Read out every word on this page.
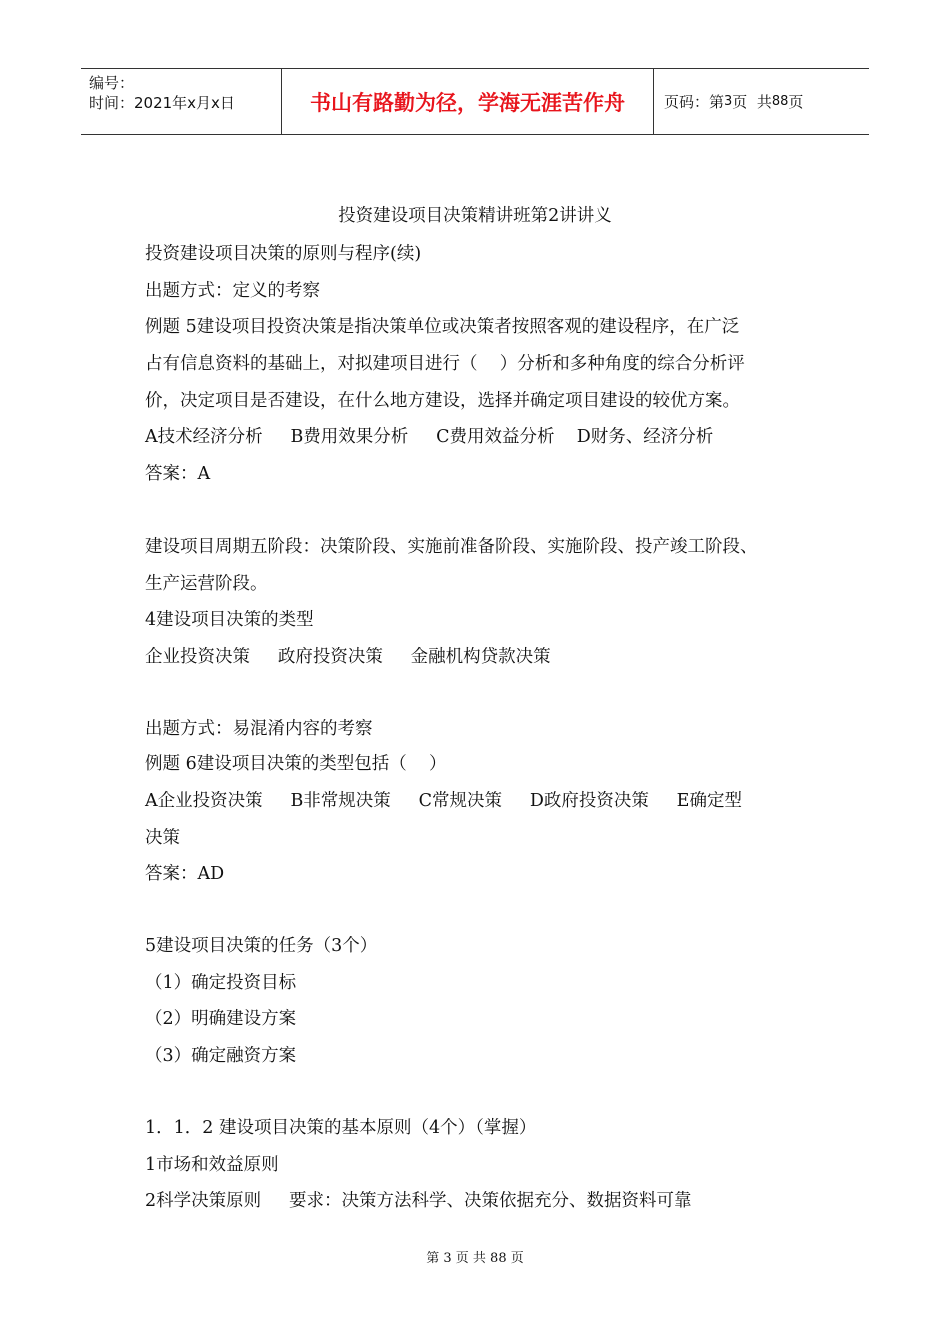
编号：
时间：2021年x月x日	书山有路勤为径，学海无涯苦作舟	页码：第 3 页  共 88 页
投资建设项目决策精讲班第2讲讲义
投资建设项目决策的原则与程序(续)
出题方式：定义的考察
例题 5建设项目投资决策是指决策单位或决策者按照客观的建设程序，在广泛
占有信息资料的基础上，对拟建项目进行（    ）分析和多种角度的综合分析评
价，决定项目是否建设，在什么地方建设，选择并确定项目建设的较优方案。
A技术经济分析     B费用效果分析     C费用效益分析    D财务、经济分析
答案：A
建设项目周期五阶段：决策阶段、实施前准备阶段、实施阶段、投产竣工阶段、
生产运营阶段。
4建设项目决策的类型
企业投资决策     政府投资决策     金融机构贷款决策
出题方式：易混淆内容的考察
例题 6建设项目决策的类型包括（    ）
A企业投资决策     B非常规决策     C常规决策     D政府投资决策     E确定型
决策
答案：AD
5建设项目决策的任务（3个）
（1）确定投资目标
（2）明确建设方案
（3）确定融资方案
1．1．2 建设项目决策的基本原则（4个）（掌握）
1市场和效益原则
2科学决策原则     要求：决策方法科学、决策依据充分、数据资料可靠
第 3 页 共 88 页
